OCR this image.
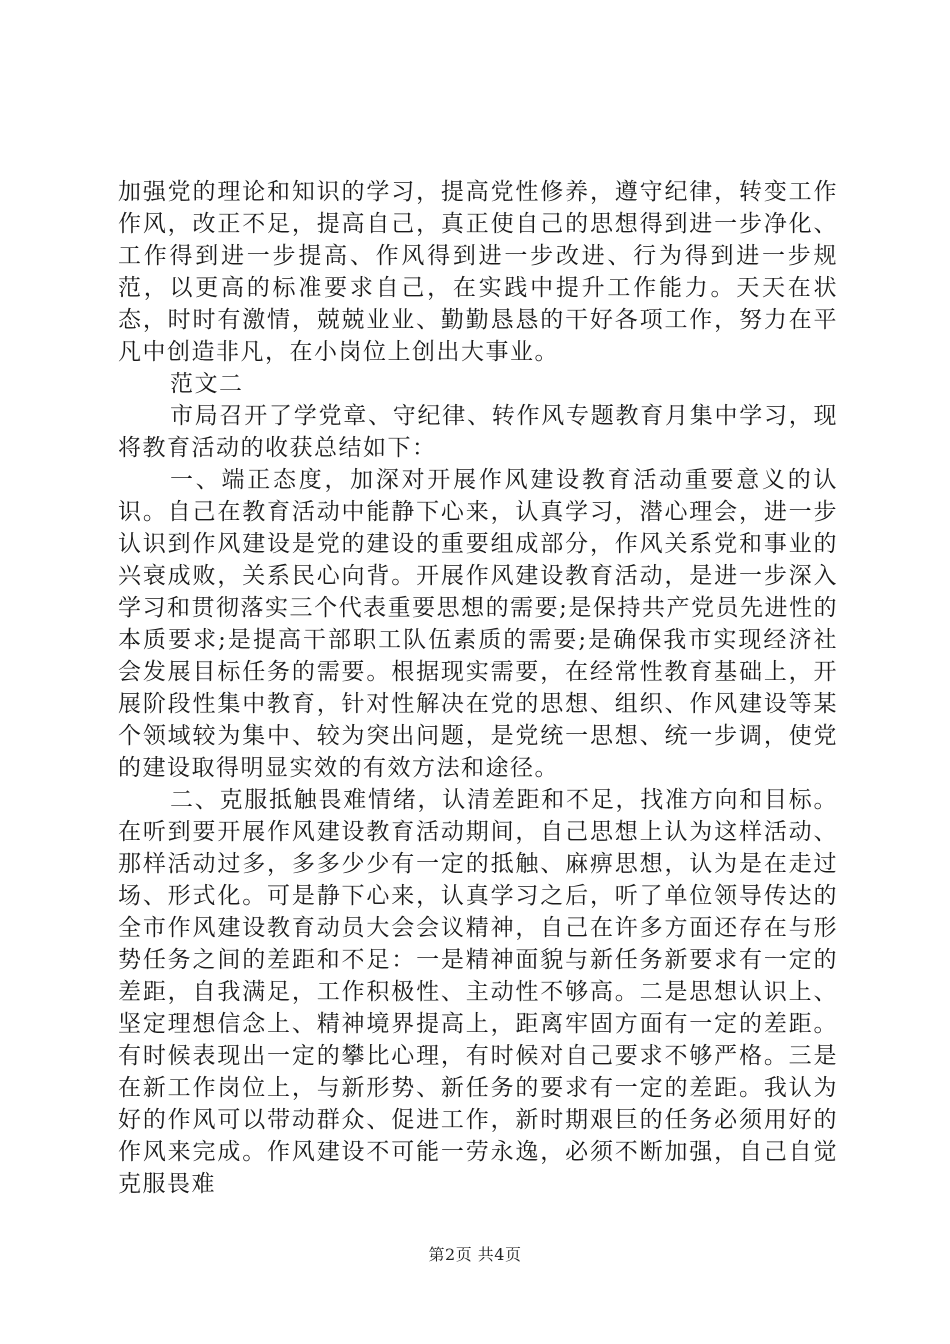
加强党的理论和知识的学习，提高党性修养，遵守纪律，转变工作作风，改正不足，提高自己，真正使自己的思想得到进一步净化、工作得到进一步提高、作风得到进一步改进、行为得到进一步规范，以更高的标准要求自己，在实践中提升工作能力。天天在状态，时时有激情，兢兢业业、勤勤恳恳的干好各项工作，努力在平凡中创造非凡，在小岗位上创出大事业。

范文二

市局召开了学党章、守纪律、转作风专题教育月集中学习，现将教育活动的收获总结如下：

一、端正态度，加深对开展作风建设教育活动重要意义的认识。自己在教育活动中能静下心来，认真学习，潜心理会，进一步认识到作风建设是党的建设的重要组成部分，作风关系党和事业的兴衰成败，关系民心向背。开展作风建设教育活动，是进一步深入学习和贯彻落实三个代表重要思想的需要;是保持共产党员先进性的本质要求;是提高干部职工队伍素质的需要;是确保我市实现经济社会发展目标任务的需要。根据现实需要，在经常性教育基础上，开展阶段性集中教育，针对性解决在党的思想、组织、作风建设等某个领域较为集中、较为突出问题，是党统一思想、统一步调，使党的建设取得明显实效的有效方法和途径。

二、克服抵触畏难情绪，认清差距和不足，找准方向和目标。在听到要开展作风建设教育活动期间，自己思想上认为这样活动、那样活动过多，多多少少有一定的抵触、麻痹思想，认为是在走过场、形式化。可是静下心来，认真学习之后，听了单位领导传达的全市作风建设教育动员大会会议精神，自己在许多方面还存在与形势任务之间的差距和不足：一是精神面貌与新任务新要求有一定的差距，自我满足，工作积极性、主动性不够高。二是思想认识上、坚定理想信念上、精神境界提高上，距离牢固方面有一定的差距。有时候表现出一定的攀比心理，有时候对自己要求不够严格。三是在新工作岗位上，与新形势、新任务的要求有一定的差距。我认为好的作风可以带动群众、促进工作，新时期艰巨的任务必须用好的作风来完成。作风建设不可能一劳永逸，必须不断加强，自己自觉克服畏难

第2页 共4页
